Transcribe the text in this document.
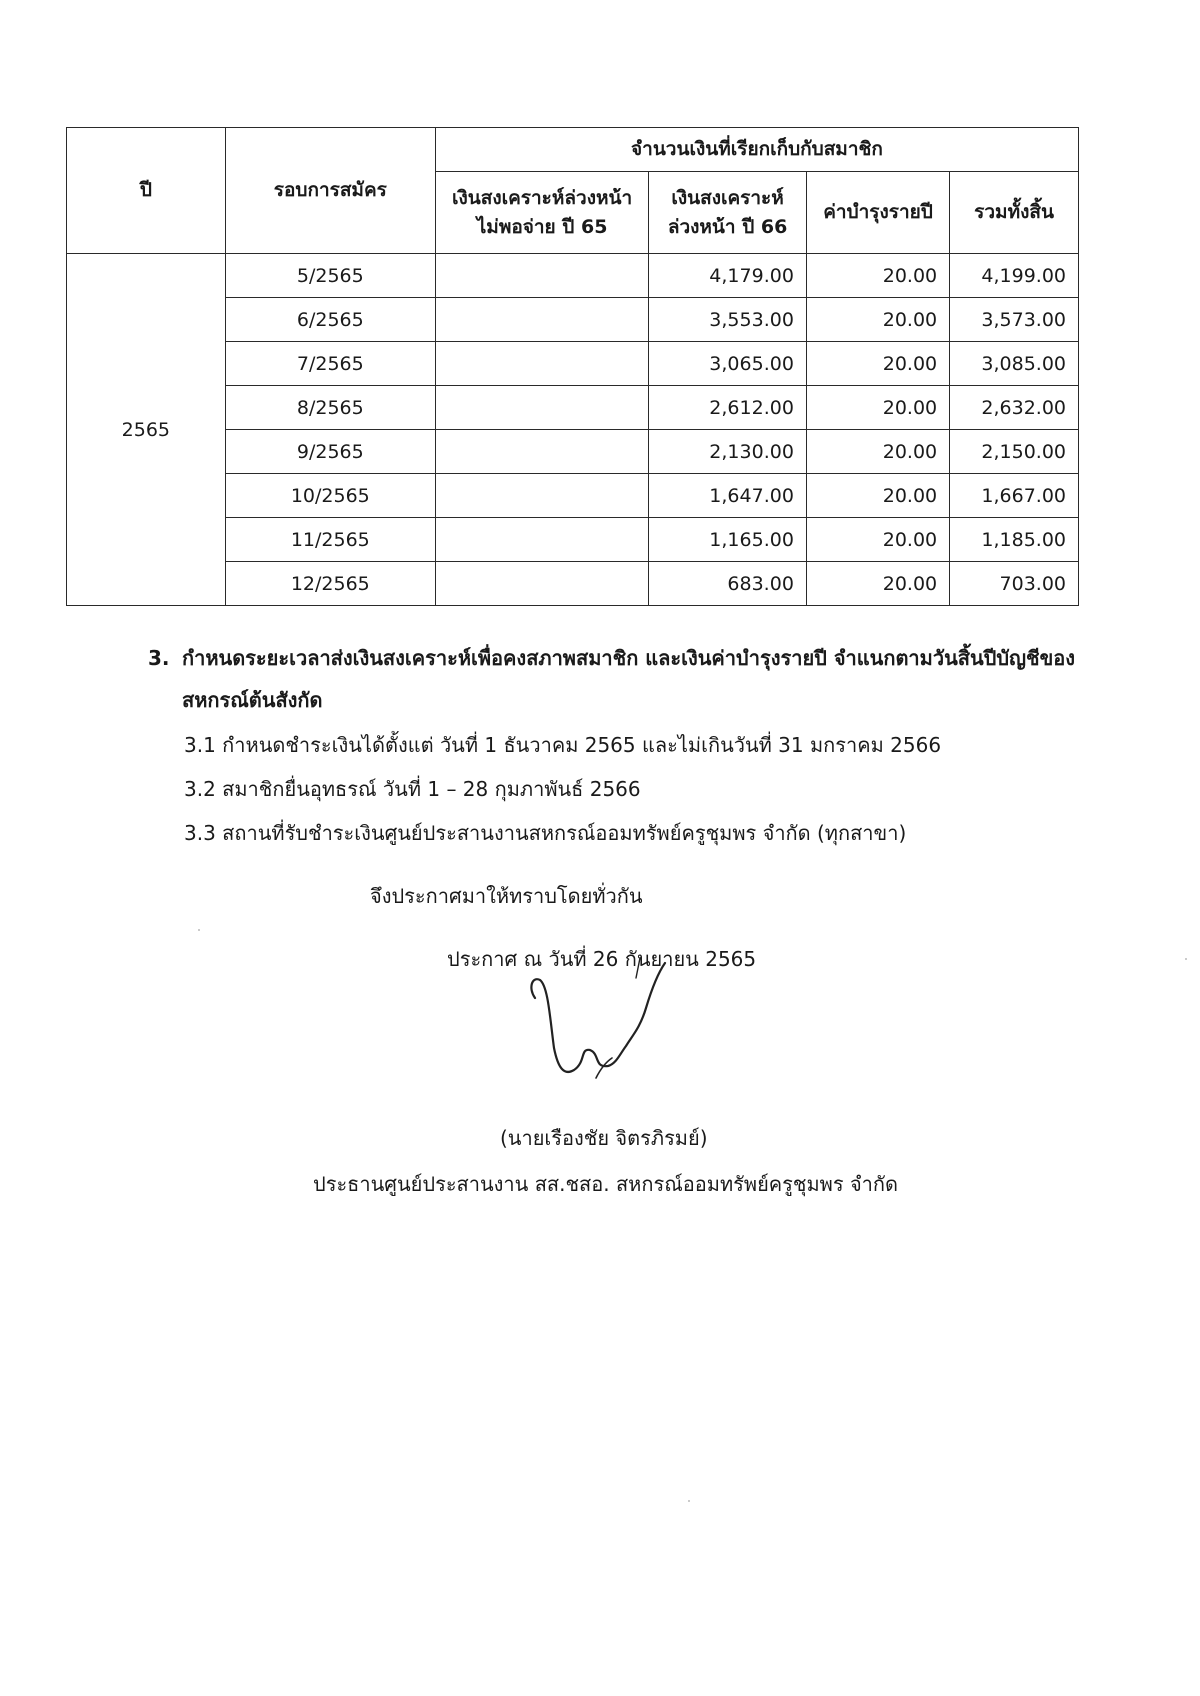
ปี	รอบการสมัคร	จำนวนเงินที่เรียกเก็บกับสมาชิก			
		เงินสงเคราะห์ล่วงหน้า ไม่พอจ่าย ปี 65	เงินสงเคราะห์ ล่วงหน้า ปี 66	ค่าบำรุงรายปี	รวมทั้งสิ้น
2565	5/2565		4,179.00	20.00	4,199.00
	6/2565		3,553.00	20.00	3,573.00
	7/2565		3,065.00	20.00	3,085.00
	8/2565		2,612.00	20.00	2,632.00
	9/2565		2,130.00	20.00	2,150.00
	10/2565		1,647.00	20.00	1,667.00
	11/2565		1,165.00	20.00	1,185.00
	12/2565		683.00	20.00	703.00
3. กำหนดระยะเวลาส่งเงินสงเคราะห์เพื่อคงสภาพสมาชิก และเงินค่าบำรุงรายปี จำแนกตามวันสิ้นปีบัญชีของสหกรณ์ต้นสังกัด
3.1 กำหนดชำระเงินได้ตั้งแต่ วันที่ 1 ธันวาคม 2565 และไม่เกินวันที่ 31 มกราคม 2566
3.2 สมาชิกยื่นอุทธรณ์ วันที่ 1 – 28 กุมภาพันธ์ 2566
3.3 สถานที่รับชำระเงินศูนย์ประสานงานสหกรณ์ออมทรัพย์ครูชุมพร จำกัด (ทุกสาขา)
จึงประกาศมาให้ทราบโดยทั่วกัน
ประกาศ ณ วันที่ 26 กันยายน 2565
(นายเรืองชัย จิตรภิรมย์)
ประธานศูนย์ประสานงาน สส.ชสอ. สหกรณ์ออมทรัพย์ครูชุมพร จำกัด
